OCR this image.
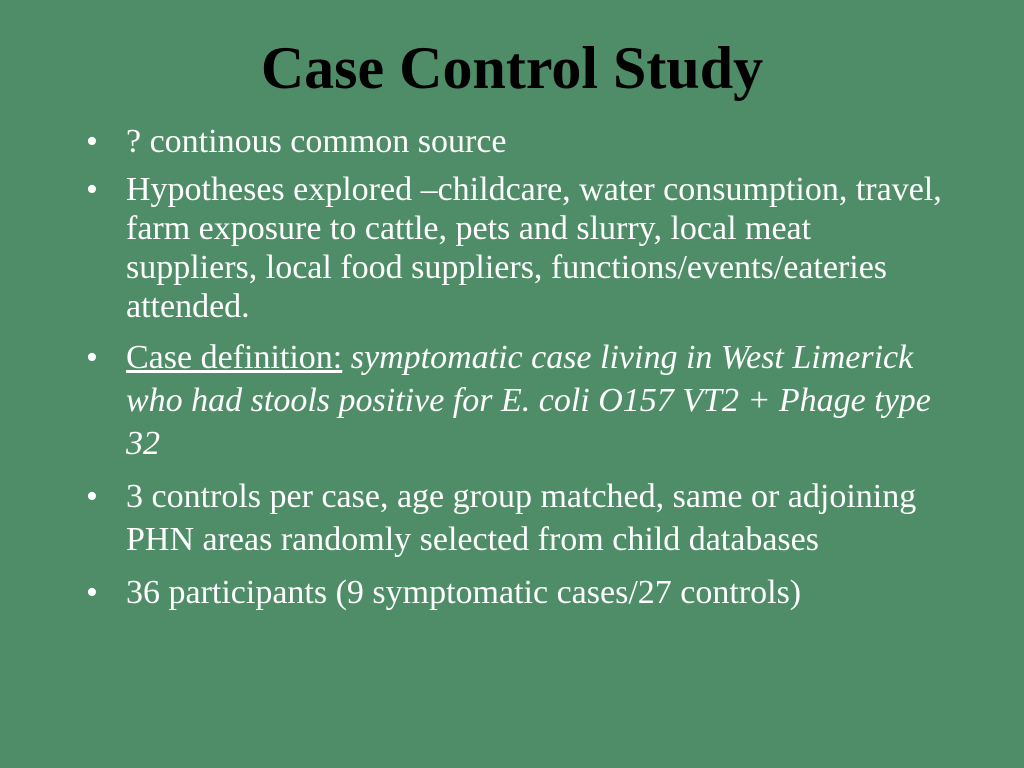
Case Control Study
• ? continous common source
• Hypotheses explored –childcare, water consumption, travel, farm exposure to cattle, pets and slurry, local meat suppliers, local food suppliers, functions/events/eateries attended.
• Case definition: symptomatic case living in West Limerick who had stools positive for E. coli O157 VT2 + Phage type 32
• 3 controls per case, age group matched, same or adjoining PHN areas randomly selected from child databases
• 36 participants (9 symptomatic cases/27 controls)
